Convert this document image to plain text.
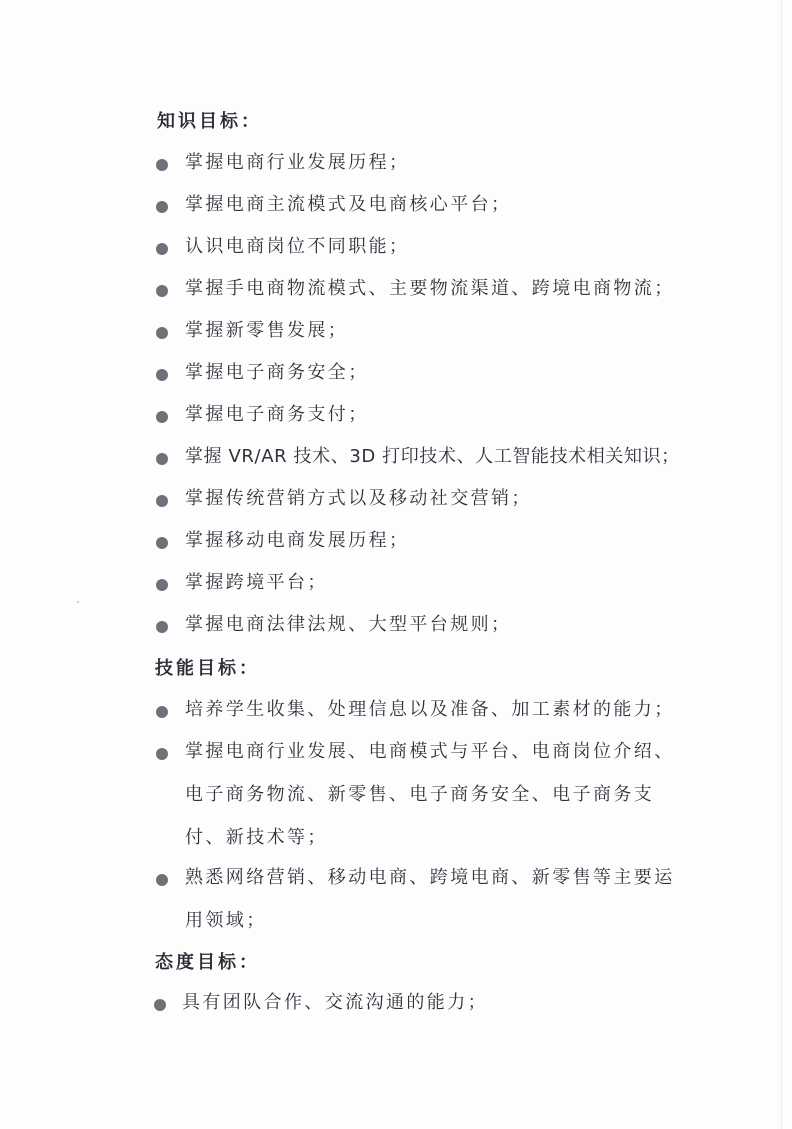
知识目标：
掌握电商行业发展历程；
掌握电商主流模式及电商核心平台；
认识电商岗位不同职能；
掌握手电商物流模式、主要物流渠道、跨境电商物流；
掌握新零售发展；
掌握电子商务安全；
掌握电子商务支付；
掌握 VR/AR 技术、3D 打印技术、人工智能技术相关知识；
掌握传统营销方式以及移动社交营销；
掌握移动电商发展历程；
掌握跨境平台；
掌握电商法律法规、大型平台规则；
技能目标：
培养学生收集、处理信息以及准备、加工素材的能力；
掌握电商行业发展、电商模式与平台、电商岗位介绍、电子商务物流、新零售、电子商务安全、电子商务支付、新技术等；
熟悉网络营销、移动电商、跨境电商、新零售等主要运用领域；
态度目标：
具有团队合作、交流沟通的能力；
